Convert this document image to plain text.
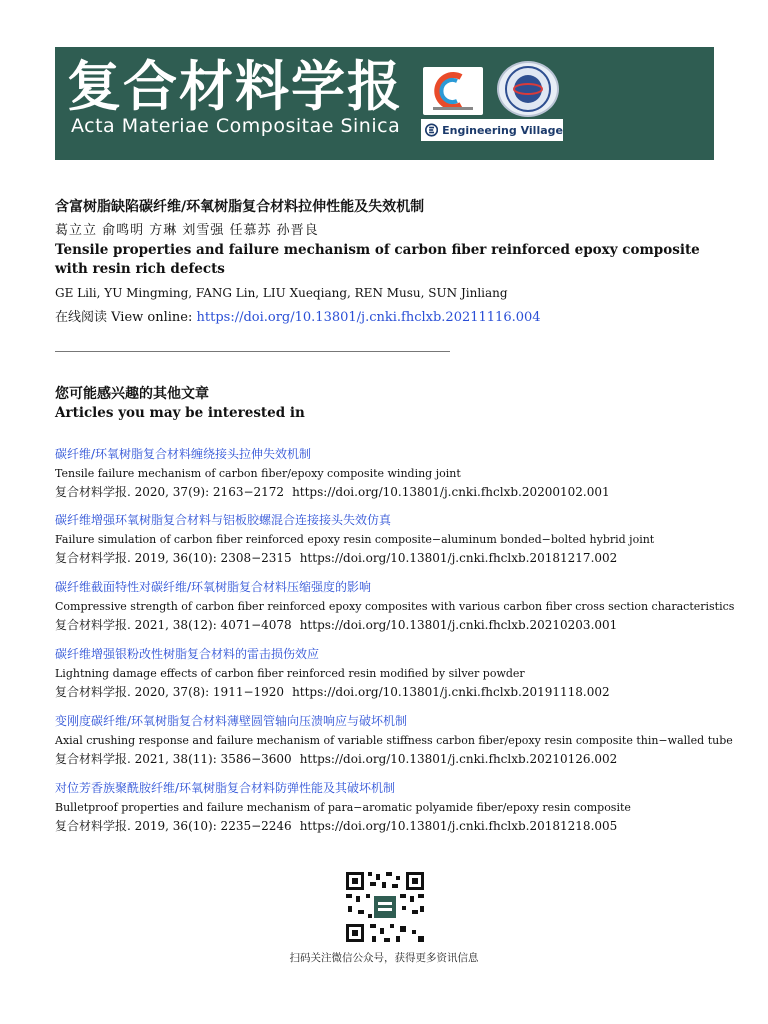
复合材料学报
Acta Materiae Compositae Sinica	Engineering Village
含富树脂缺陷碳纤维/环氧树脂复合材料拉伸性能及失效机制
葛立立 俞鸣明 方琳 刘雪强 任慕苏 孙晋良
Tensile properties and failure mechanism of carbon fiber reinforced epoxy composite with resin rich defects
GE Lili, YU Mingming, FANG Lin, LIU Xueqiang, REN Musu, SUN Jinliang
在线阅读 View online: https://doi.org/10.13801/j.cnki.fhclxb.20211116.004
您可能感兴趣的其他文章
Articles you may be interested in
碳纤维/环氧树脂复合材料缠绕接头拉伸失效机制
Tensile failure mechanism of carbon fiber/epoxy composite winding joint
复合材料学报. 2020, 37(9): 2163−2172 https://doi.org/10.13801/j.cnki.fhclxb.20200102.001
碳纤维增强环氧树脂复合材料与铝板胶螺混合连接接头失效仿真
Failure simulation of carbon fiber reinforced epoxy resin composite−aluminum bonded−bolted hybrid joint
复合材料学报. 2019, 36(10): 2308−2315 https://doi.org/10.13801/j.cnki.fhclxb.20181217.002
碳纤维截面特性对碳纤维/环氧树脂复合材料压缩强度的影响
Compressive strength of carbon fiber reinforced epoxy composites with various carbon fiber cross section characteristics
复合材料学报. 2021, 38(12): 4071−4078 https://doi.org/10.13801/j.cnki.fhclxb.20210203.001
碳纤维增强银粉改性树脂复合材料的雷击损伤效应
Lightning damage effects of carbon fiber reinforced resin modified by silver powder
复合材料学报. 2020, 37(8): 1911−1920 https://doi.org/10.13801/j.cnki.fhclxb.20191118.002
变刚度碳纤维/环氧树脂复合材料薄壁圆管轴向压溃响应与破坏机制
Axial crushing response and failure mechanism of variable stiffness carbon fiber/epoxy resin composite thin−walled tube
复合材料学报. 2021, 38(11): 3586−3600 https://doi.org/10.13801/j.cnki.fhclxb.20210126.002
对位芳香族聚酰胺纤维/环氧树脂复合材料防弹性能及其破坏机制
Bulletproof properties and failure mechanism of para−aromatic polyamide fiber/epoxy resin composite
复合材料学报. 2019, 36(10): 2235−2246 https://doi.org/10.13801/j.cnki.fhclxb.20181218.005
扫码关注微信公众号，获得更多资讯信息
